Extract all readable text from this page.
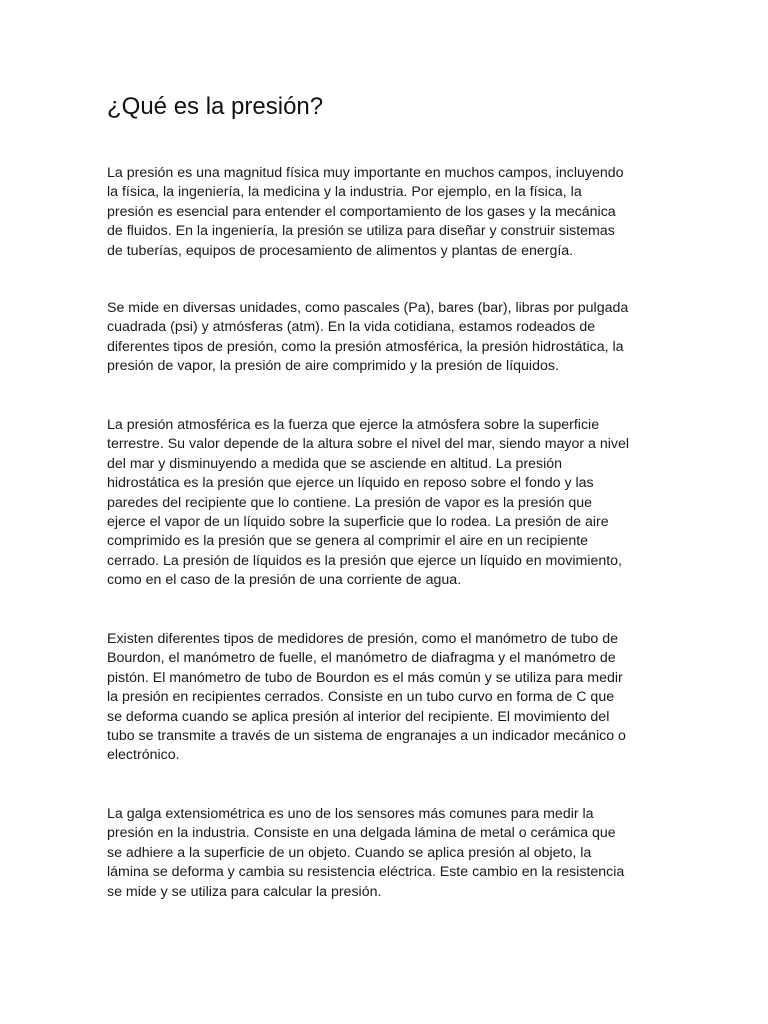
¿Qué es la presión?

La presión es una magnitud física muy importante en muchos campos, incluyendo
la física, la ingeniería, la medicina y la industria. Por ejemplo, en la física, la
presión es esencial para entender el comportamiento de los gases y la mecánica
de fluidos. En la ingeniería, la presión se utiliza para diseñar y construir sistemas
de tuberías, equipos de procesamiento de alimentos y plantas de energía.

Se mide en diversas unidades, como pascales (Pa), bares (bar), libras por pulgada
cuadrada (psi) y atmósferas (atm). En la vida cotidiana, estamos rodeados de
diferentes tipos de presión, como la presión atmosférica, la presión hidrostática, la
presión de vapor, la presión de aire comprimido y la presión de líquidos.

La presión atmosférica es la fuerza que ejerce la atmósfera sobre la superficie
terrestre. Su valor depende de la altura sobre el nivel del mar, siendo mayor a nivel
del mar y disminuyendo a medida que se asciende en altitud. La presión
hidrostática es la presión que ejerce un líquido en reposo sobre el fondo y las
paredes del recipiente que lo contiene. La presión de vapor es la presión que
ejerce el vapor de un líquido sobre la superficie que lo rodea. La presión de aire
comprimido es la presión que se genera al comprimir el aire en un recipiente
cerrado. La presión de líquidos es la presión que ejerce un líquido en movimiento,
como en el caso de la presión de una corriente de agua.

Existen diferentes tipos de medidores de presión, como el manómetro de tubo de
Bourdon, el manómetro de fuelle, el manómetro de diafragma y el manómetro de
pistón. El manómetro de tubo de Bourdon es el más común y se utiliza para medir
la presión en recipientes cerrados. Consiste en un tubo curvo en forma de C que
se deforma cuando se aplica presión al interior del recipiente. El movimiento del
tubo se transmite a través de un sistema de engranajes a un indicador mecánico o
electrónico.

La galga extensiométrica es uno de los sensores más comunes para medir la
presión en la industria. Consiste en una delgada lámina de metal o cerámica que
se adhiere a la superficie de un objeto. Cuando se aplica presión al objeto, la
lámina se deforma y cambia su resistencia eléctrica. Este cambio en la resistencia
se mide y se utiliza para calcular la presión.
